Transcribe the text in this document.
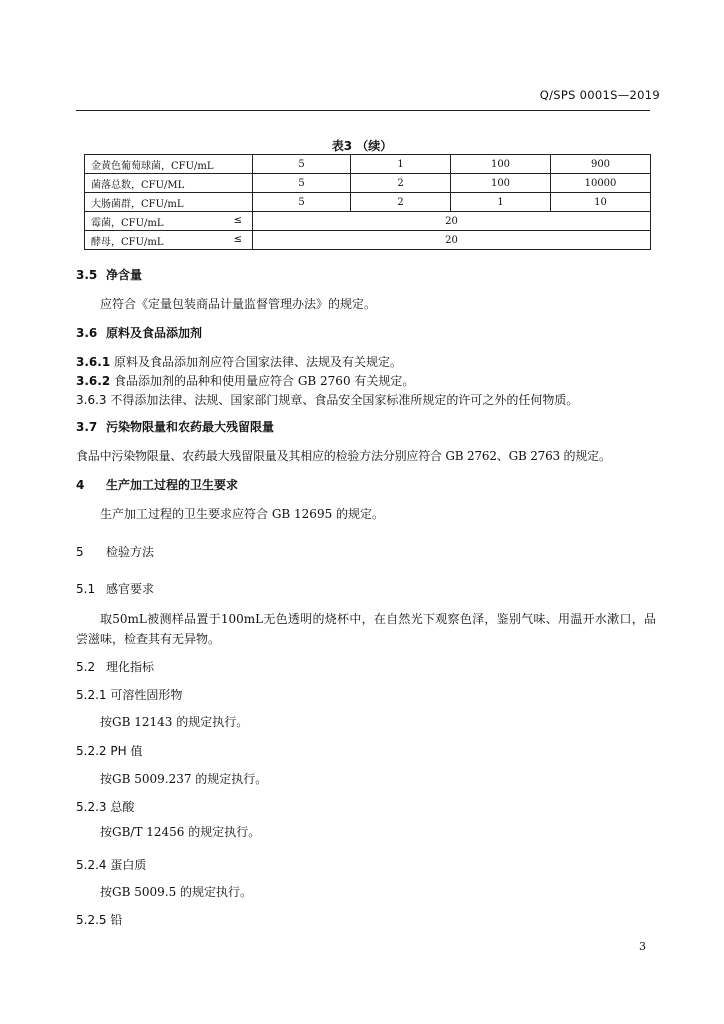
Q/SPS 0001S—2019
表3 （续）
金黄色葡萄球菌，CFU/mL	5	1	100	900
菌落总数，CFU/ML	5	2	100	10000
大肠菌群，CFU/mL	5	2	1	10
霉菌，CFU/mL ≤	20			
酵母，CFU/mL ≤	20			
3.5 净含量
应符合《定量包装商品计量监督管理办法》的规定。
3.6 原料及食品添加剂
3.6.1 原料及食品添加剂应符合国家法律、法规及有关规定。
3.6.2 食品添加剂的品种和使用量应符合 GB 2760 有关规定。
3.6.3 不得添加法律、法规、国家部门规章、食品安全国家标准所规定的许可之外的任何物质。
3.7 污染物限量和农药最大残留限量
食品中污染物限量、农药最大残留限量及其相应的检验方法分别应符合 GB 2762、GB 2763 的规定。
4 生产加工过程的卫生要求
生产加工过程的卫生要求应符合 GB 12695 的规定。
5 检验方法
5.1 感官要求
取50mL被测样品置于100mL无色透明的烧杯中，在自然光下观察色泽，鉴别气味、用温开水漱口，品尝滋味，检查其有无异物。
5.2 理化指标
5.2.1 可溶性固形物
按GB 12143 的规定执行。
5.2.2 PH 值
按GB 5009.237 的规定执行。
5.2.3 总酸
按GB/T 12456 的规定执行。
5.2.4 蛋白质
按GB 5009.5 的规定执行。
5.2.5 铅
3
